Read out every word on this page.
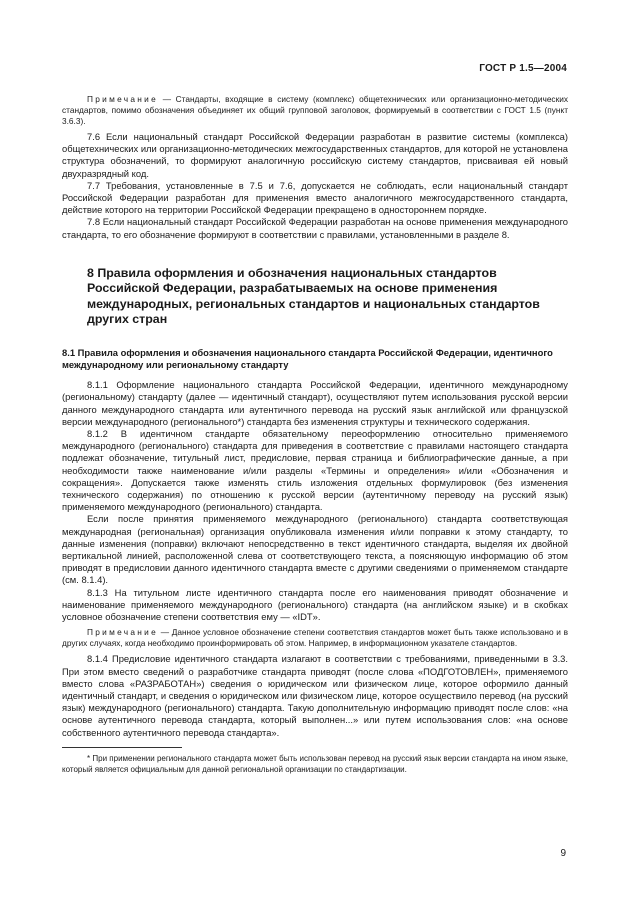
ГОСТ Р 1.5—2004

Примечание — Стандарты, входящие в систему (комплекс) общетехнических или организационно-методических стандартов, помимо обозначения объединяет их общий групповой заголовок, формируемый в соответствии с ГОСТ 1.5 (пункт 3.6.3).

7.6 Если национальный стандарт Российской Федерации разработан в развитие системы (комплекса) общетехнических или организационно-методических межгосударственных стандартов, для которой не установлена структура обозначений, то формируют аналогичную российскую систему стандартов, присваивая ей новый двухразрядный код.

7.7 Требования, установленные в 7.5 и 7.6, допускается не соблюдать, если национальный стандарт Российской Федерации разработан для применения вместо аналогичного межгосударственного стандарта, действие которого на территории Российской Федерации прекращено в одностороннем порядке.

7.8 Если национальный стандарт Российской Федерации разработан на основе применения международного стандарта, то его обозначение формируют в соответствии с правилами, установленными в разделе 8.

8 Правила оформления и обозначения национальных стандартов Российской Федерации, разрабатываемых на основе применения международных, региональных стандартов и национальных стандартов других стран

8.1 Правила оформления и обозначения национального стандарта Российской Федерации, идентичного международному или региональному стандарту

8.1.1 Оформление национального стандарта Российской Федерации, идентичного международному (региональному) стандарту (далее — идентичный стандарт), осуществляют путем использования русской версии данного международного стандарта или аутентичного перевода на русский язык английской или французской версии международного (регионального*) стандарта без изменения структуры и технического содержания.

8.1.2 В идентичном стандарте обязательному переоформлению относительно применяемого международного (регионального) стандарта для приведения в соответствие с правилами настоящего стандарта подлежат обозначение, титульный лист, предисловие, первая страница и библиографические данные, а при необходимости также наименование и/или разделы «Термины и определения» и/или «Обозначения и сокращения». Допускается также изменять стиль изложения отдельных формулировок (без изменения технического содержания) по отношению к русской версии (аутентичному переводу на русский язык) применяемого международного (регионального) стандарта.

Если после принятия применяемого международного (регионального) стандарта соответствующая международная (региональная) организация опубликовала изменения и/или поправки к этому стандарту, то данные изменения (поправки) включают непосредственно в текст идентичного стандарта, выделяя их двойной вертикальной линией, расположенной слева от соответствующего текста, а поясняющую информацию об этом приводят в предисловии данного идентичного стандарта вместе с другими сведениями о применяемом стандарте (см. 8.1.4).

8.1.3 На титульном листе идентичного стандарта после его наименования приводят обозначение и наименование применяемого международного (регионального) стандарта (на английском языке) и в скобках условное обозначение степени соответствия ему — «IDT».

Примечание — Данное условное обозначение степени соответствия стандартов может быть также использовано и в других случаях, когда необходимо проинформировать об этом. Например, в информационном указателе стандартов.

8.1.4 Предисловие идентичного стандарта излагают в соответствии с требованиями, приведенными в 3.3. При этом вместо сведений о разработчике стандарта приводят (после слова «ПОДГОТОВЛЕН», применяемого вместо слова «РАЗРАБОТАН») сведения о юридическом или физическом лице, которое оформило данный идентичный стандарт, и сведения о юридическом или физическом лице, которое осуществило перевод (на русский язык) международного (регионального) стандарта. Такую дополнительную информацию приводят после слов: «на основе аутентичного перевода стандарта, который выполнен...» или путем использования слов: «на основе собственного аутентичного перевода стандарта».

* При применении регионального стандарта может быть использован перевод на русский язык версии стандарта на ином языке, который является официальным для данной региональной организации по стандартизации.

9
